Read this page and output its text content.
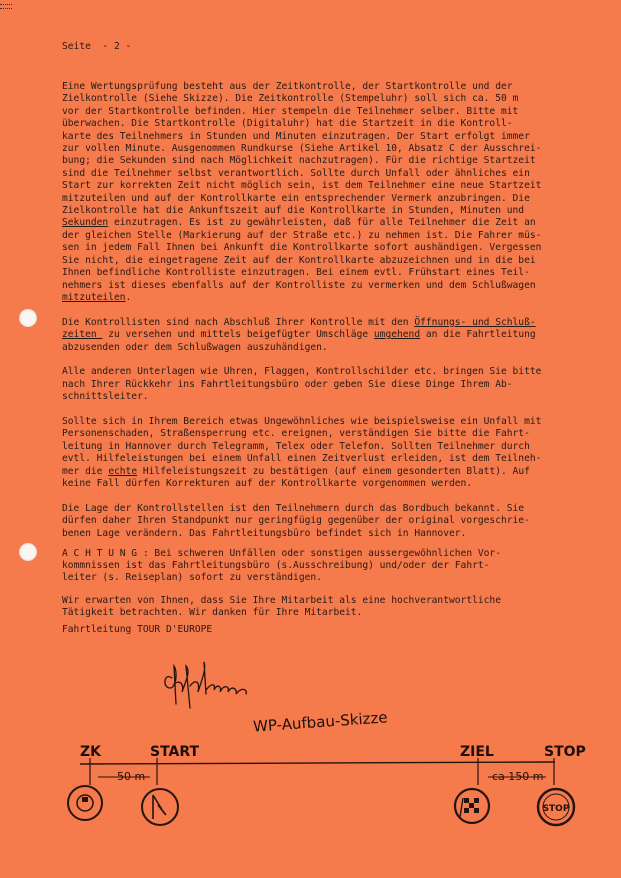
Seite  - 2 -

Eine Wertungsprüfung besteht aus der Zeitkontrolle, der Startkontrolle und der
Zielkontrolle (Siehe Skizze). Die Zeitkontrolle (Stempeluhr) soll sich ca. 50 m
vor der Startkontrolle befinden. Hier stempeln die Teilnehmer selber. Bitte mit
überwachen. Die Startkontrolle (Digitaluhr) hat die Startzeit in die Kontroll-
karte des Teilnehmers in Stunden und Minuten einzutragen. Der Start erfolgt immer
zur vollen Minute. Ausgenommen Rundkurse (Siehe Artikel 10, Absatz C der Ausschrei-
bung; die Sekunden sind nach Möglichkeit nachzutragen). Für die richtige Startzeit
sind die Teilnehmer selbst verantwortlich. Sollte durch Unfall oder ähnliches ein
Start zur korrekten Zeit nicht möglich sein, ist dem Teilnehmer eine neue Startzeit
mitzuteilen und auf der Kontrollkarte ein entsprechender Vermerk anzubringen. Die
Zielkontrolle hat die Ankunftszeit auf die Kontrollkarte in Stunden, Minuten und
Sekunden einzutragen. Es ist zu gewährleisten, daß für alle Teilnehmer die Zeit an
der gleichen Stelle (Markierung auf der Straße etc.) zu nehmen ist. Die Fahrer müs-
sen in jedem Fall Ihnen bei Ankunft die Kontrollkarte sofort aushändigen. Vergessen
Sie nicht, die eingetragene Zeit auf der Kontrollkarte abzuzeichnen und in die bei
Ihnen befindliche Kontrolliste einzutragen. Bei einem evtl. Frühstart eines Teil-
nehmers ist dieses ebenfalls auf der Kontrolliste zu vermerken und dem Schlußwagen
mitzuteilen.

Die Kontrollisten sind nach Abschluß Ihrer Kontrolle mit den Öffnungs- und Schluß-
zeiten  zu versehen und mittels beigefügter Umschläge umgehend an die Fahrtleitung
abzusenden oder dem Schlußwagen auszuhändigen.

Alle anderen Unterlagen wie Uhren, Flaggen, Kontrollschilder etc. bringen Sie bitte
nach Ihrer Rückkehr ins Fahrtleitungsbüro oder geben Sie diese Dinge Ihrem Ab-
schnittsleiter.

Sollte sich in Ihrem Bereich etwas Ungewöhnliches wie beispielsweise ein Unfall mit
Personenschaden, Straßensperrung etc. ereignen, verständigen Sie bitte die Fahrt-
leitung in Hannover durch Telegramm, Telex oder Telefon. Sollten Teilnehmer durch
evtl. Hilfeleistungen bei einem Unfall einen Zeitverlust erleiden, ist dem Teilneh-
mer die echte Hilfeleistungszeit zu bestätigen (auf einem gesonderten Blatt). Auf
keine Fall dürfen Korrekturen auf der Kontrollkarte vorgenommen werden.

Die Lage der Kontrollstellen ist den Teilnehmern durch das Bordbuch bekannt. Sie
dürfen daher Ihren Standpunkt nur geringfügig gegenüber der original vorgeschrie-
benen Lage verändern. Das Fahrtleitungsbüro befindet sich in Hannover.

A C H T U N G : Bei schweren Unfällen oder sonstigen aussergewöhnlichen Vor-
kommnissen ist das Fahrtleitungsbüro (s.Ausschreibung) und/oder der Fahrt-
leiter (s. Reiseplan) sofort zu verständigen.

Wir erwarten von Ihnen, dass Sie Ihre Mitarbeit als eine hochverantwortliche
Tätigkeit betrachten. Wir danken für Ihre Mitarbeit.

Fahrtleitung TOUR D'EUROPE

WP-Aufbau-Skizze
ZK	START	ZIEL	STOP
50 m	ca 150 m
STOP
